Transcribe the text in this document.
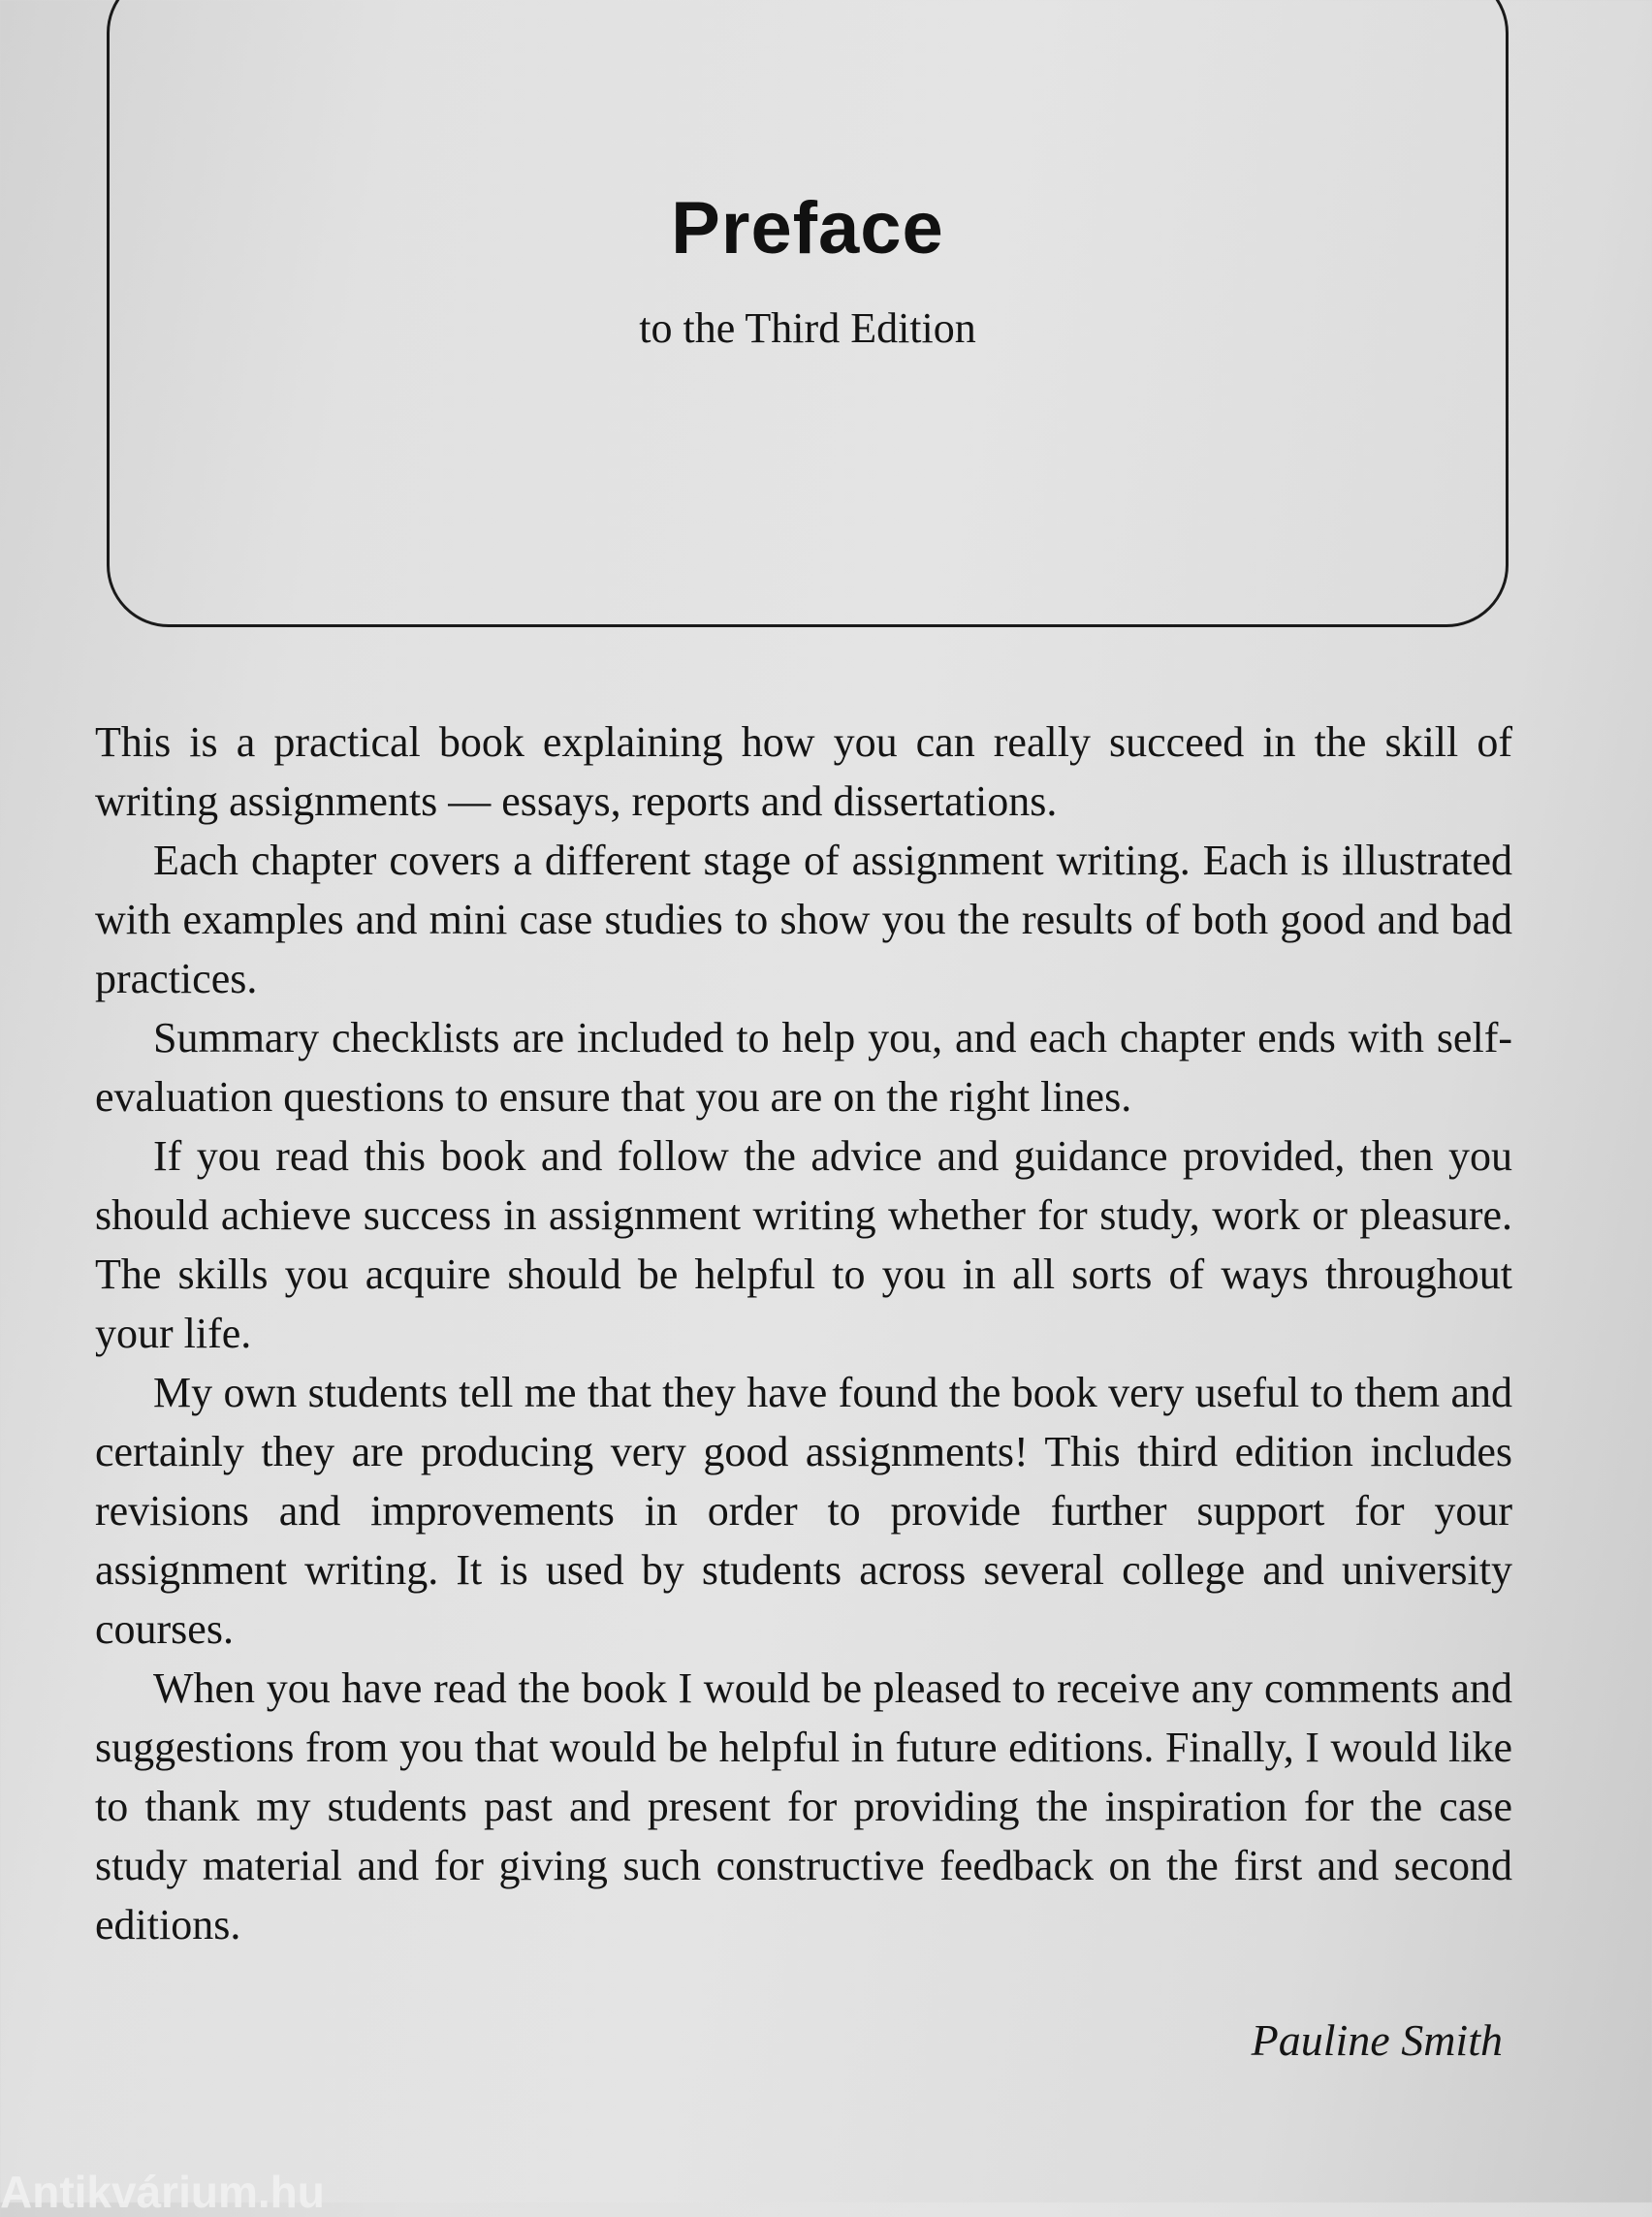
Preface
to the Third Edition

This is a practical book explaining how you can really succeed in the skill of writing assignments — essays, reports and dissertations.

Each chapter covers a different stage of assignment writing. Each is illustrated with examples and mini case studies to show you the results of both good and bad practices.

Summary checklists are included to help you, and each chapter ends with self-evaluation questions to ensure that you are on the right lines.

If you read this book and follow the advice and guidance provided, then you should achieve success in assignment writing whether for study, work or pleasure. The skills you acquire should be helpful to you in all sorts of ways throughout your life.

My own students tell me that they have found the book very useful to them and certainly they are producing very good assignments! This third edition includes revisions and improvements in order to provide further support for your assignment writing. It is used by students across several college and university courses.

When you have read the book I would be pleased to receive any comments and suggestions from you that would be helpful in future editions. Finally, I would like to thank my students past and present for providing the inspiration for the case study material and for giving such constructive feedback on the first and second editions.

Pauline Smith
Antikvárium.hu
